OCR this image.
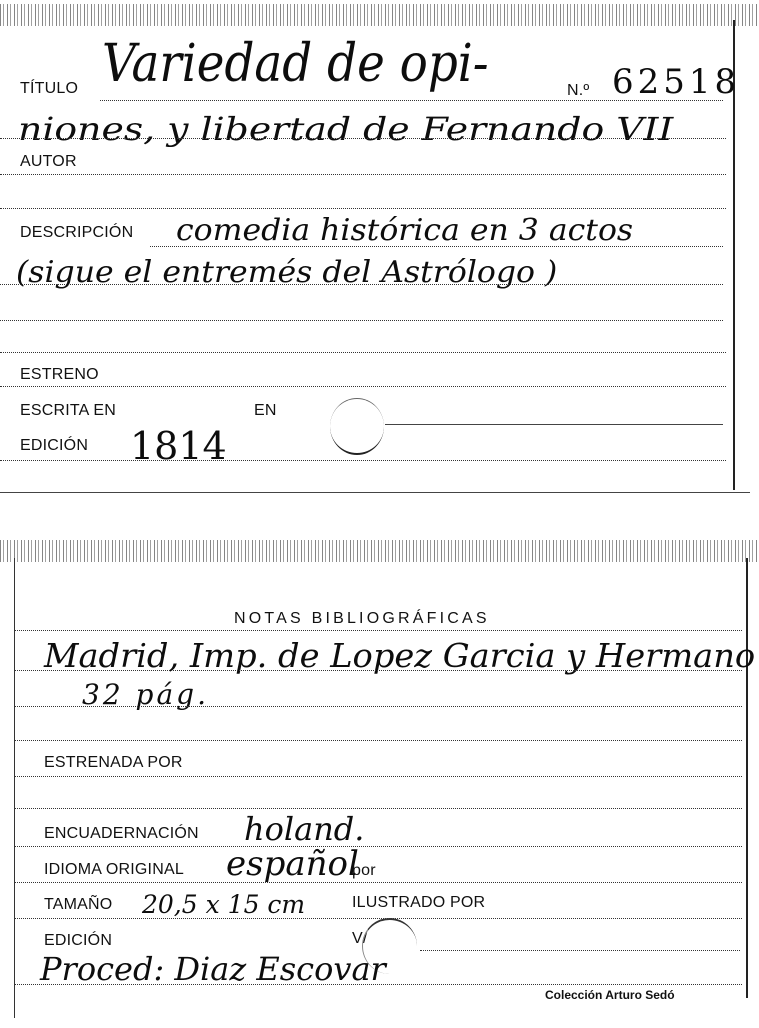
TÍTULO Variedad de opi-	N.º 62518
niones, y libertad de Fernando VII
AUTOR
DESCRIPCIÓN comedia histórica en 3 actos
(sigue el entremés del Astrólogo )
ESTRENO
ESCRITA EN	EN
EDICIÓN 1814
NOTAS BIBLIOGRÁFICAS
Madrid, Imp. de Lopez Garcia y Hermano
32 pág.
ESTRENADA POR
ENCUADERNACIÓN holand.
IDIOMA ORIGINAL español
por
TAMAÑO 20,5 x 15 cm	ILUSTRADO POR
EDICIÓN	V/
Proced: Diaz Escovar
Colección Arturo Sedó
